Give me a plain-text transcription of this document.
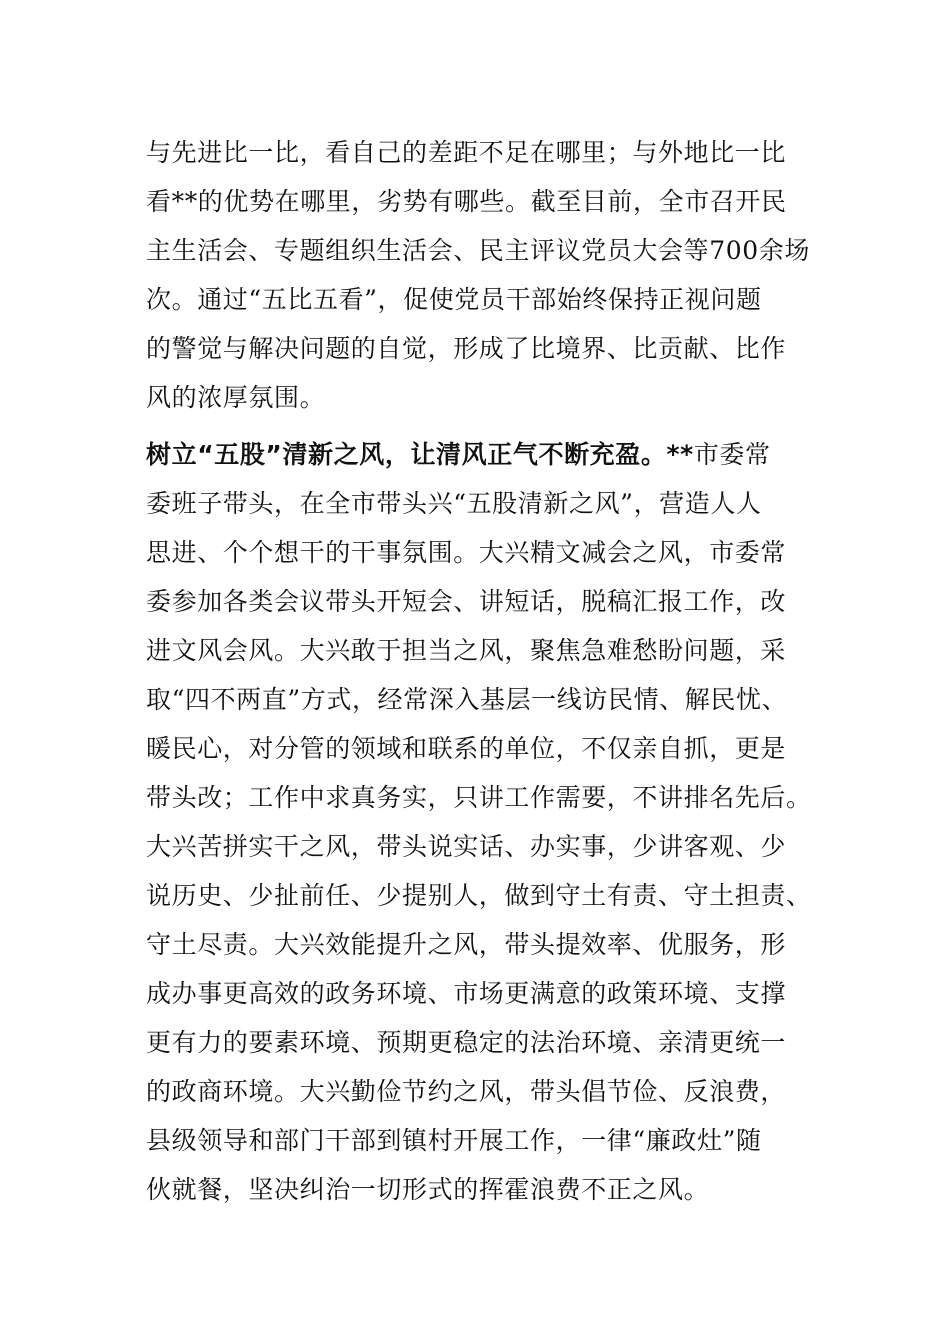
与先进比一比，看自己的差距不足在哪里；与外地比一比
看**的优势在哪里，劣势有哪些。截至目前，全市召开民
主生活会、专题组织生活会、民主评议党员大会等700余场
次。通过“五比五看”，促使党员干部始终保持正视问题
的警觉与解决问题的自觉，形成了比境界、比贡献、比作
风的浓厚氛围。
树立“五股”清新之风，让清风正气不断充盈。**市委常
委班子带头，在全市带头兴“五股清新之风”，营造人人
思进、个个想干的干事氛围。大兴精文减会之风，市委常
委参加各类会议带头开短会、讲短话，脱稿汇报工作，改
进文风会风。大兴敢于担当之风，聚焦急难愁盼问题，采
取“四不两直”方式，经常深入基层一线访民情、解民忧、
暖民心，对分管的领域和联系的单位，不仅亲自抓，更是
带头改；工作中求真务实，只讲工作需要，不讲排名先后。
大兴苦拼实干之风，带头说实话、办实事，少讲客观、少
说历史、少扯前任、少提别人，做到守土有责、守土担责、
守土尽责。大兴效能提升之风，带头提效率、优服务，形
成办事更高效的政务环境、市场更满意的政策环境、支撑
更有力的要素环境、预期更稳定的法治环境、亲清更统一
的政商环境。大兴勤俭节约之风，带头倡节俭、反浪费，
县级领导和部门干部到镇村开展工作，一律“廉政灶”随
伙就餐，坚决纠治一切形式的挥霍浪费不正之风。
